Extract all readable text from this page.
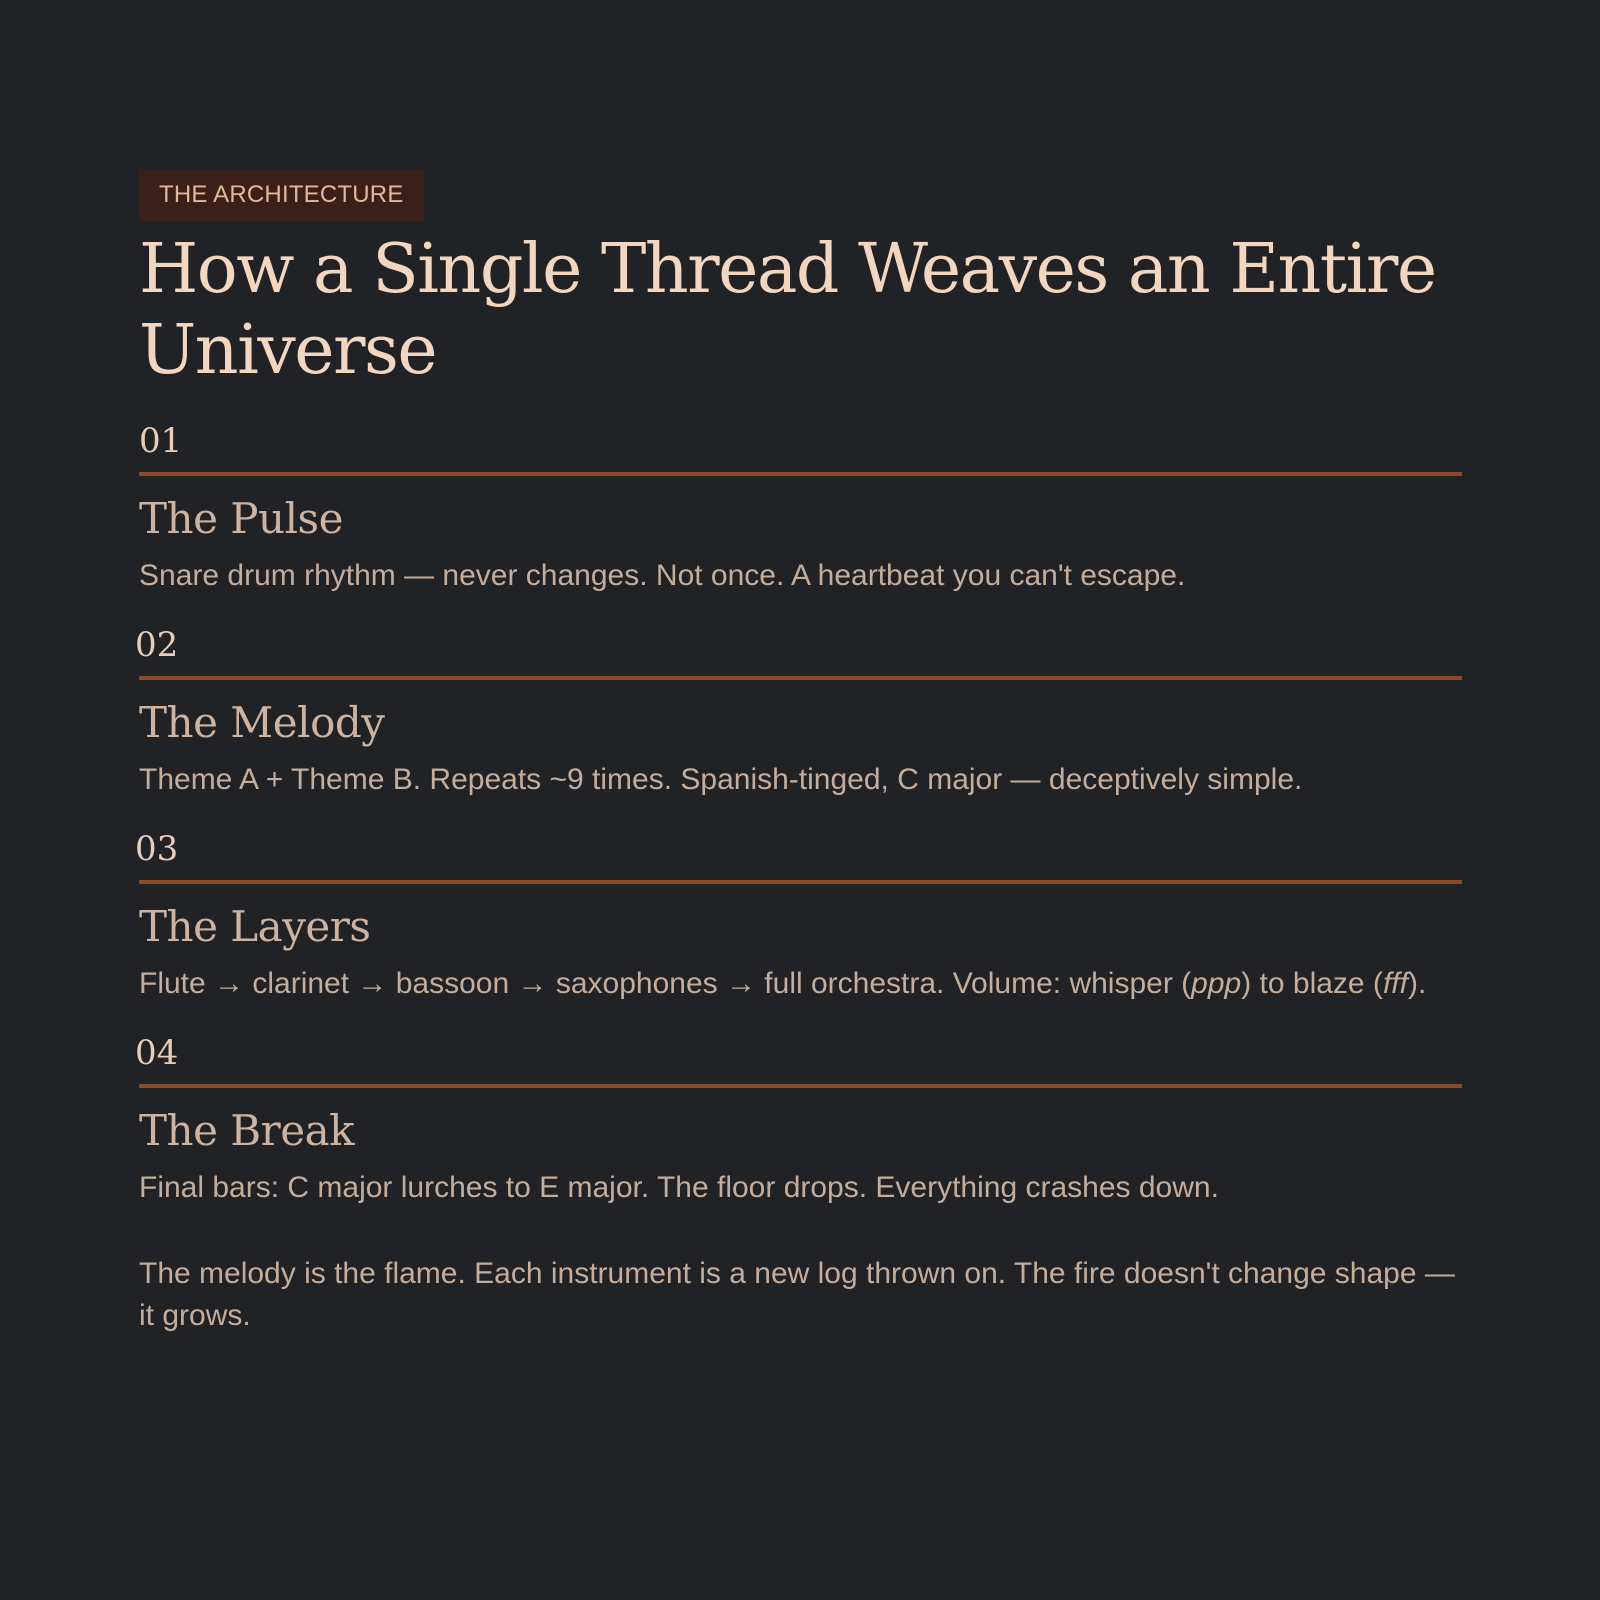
THE ARCHITECTURE
How a Single Thread Weaves an Entire Universe
01
The Pulse
Snare drum rhythm — never changes. Not once. A heartbeat you can't escape.
02
The Melody
Theme A + Theme B. Repeats ~9 times. Spanish-tinged, C major — deceptively simple.
03
The Layers
Flute → clarinet → bassoon → saxophones → full orchestra. Volume: whisper (ppp) to blaze (fff).
04
The Break
Final bars: C major lurches to E major. The floor drops. Everything crashes down.
The melody is the flame. Each instrument is a new log thrown on. The fire doesn't change shape — it grows.
